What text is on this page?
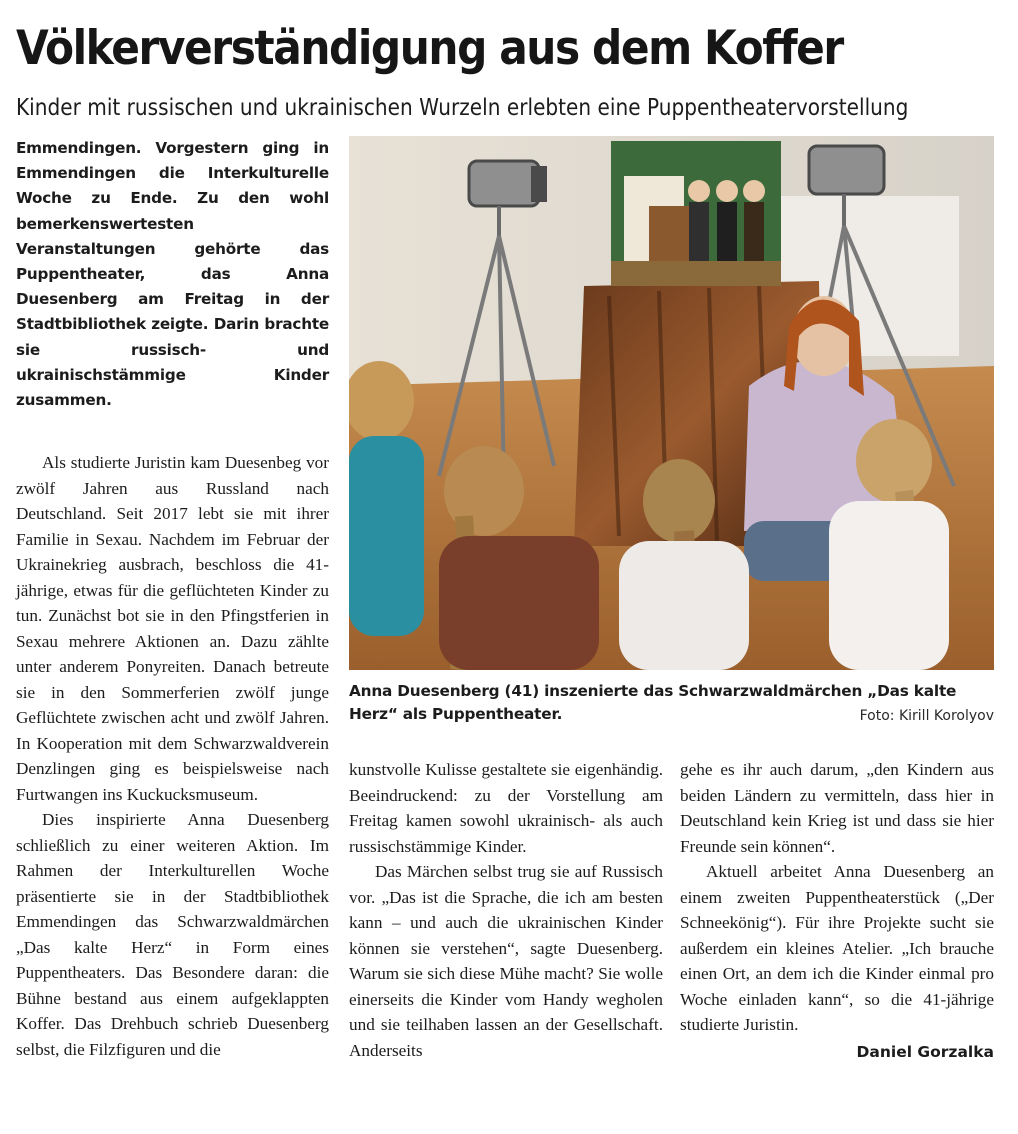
Völkerverständigung aus dem Koffer
Kinder mit russischen und ukrainischen Wurzeln erlebten eine Puppentheatervorstellung

Emmendingen. Vorgestern ging in Emmendingen die Interkulturelle Woche zu Ende. Zu den wohl bemerkenswertesten Veranstaltungen gehörte das Puppentheater, das Anna Duesenberg am Freitag in der Stadtbibliothek zeigte. Darin brachte sie russisch- und ukrainischstämmige Kinder zusammen.

Als studierte Juristin kam Duesenbeg vor zwölf Jahren aus Russland nach Deutschland. Seit 2017 lebt sie mit ihrer Familie in Sexau. Nachdem im Februar der Ukrainekrieg ausbrach, beschloss die 41-jährige, etwas für die geflüchteten Kinder zu tun. Zunächst bot sie in den Pfingstferien in Sexau mehrere Aktionen an. Dazu zählte unter anderem Ponyreiten. Danach betreute sie in den Sommerferien zwölf junge Geflüchtete zwischen acht und zwölf Jahren. In Kooperation mit dem Schwarzwaldverein Denzlingen ging es beispielsweise nach Furtwangen ins Kuckucksmuseum.

Dies inspirierte Anna Duesenberg schließlich zu einer weiteren Aktion. Im Rahmen der Interkulturellen Woche präsentierte sie in der Stadtbibliothek Emmendingen das Schwarzwaldmärchen „Das kalte Herz“ in Form eines Puppentheaters. Das Besondere daran: die Bühne bestand aus einem aufgeklappten Koffer. Das Drehbuch schrieb Duesenberg selbst, die Filzfiguren und die

Anna Duesenberg (41) inszenierte das Schwarzwaldmärchen „Das kalte Herz“ als Puppentheater.	Foto: Kirill Korolyov

kunstvolle Kulisse gestaltete sie eigenhändig. Beeindruckend: zu der Vorstellung am Freitag kamen sowohl ukrainisch- als auch russischstämmige Kinder.

Das Märchen selbst trug sie auf Russisch vor. „Das ist die Sprache, die ich am besten kann – und auch die ukrainischen Kinder können sie verstehen“, sagte Duesenberg. Warum sie sich diese Mühe macht? Sie wolle einerseits die Kinder vom Handy wegholen und sie teilhaben lassen an der Gesellschaft. Anderseits

gehe es ihr auch darum, „den Kindern aus beiden Ländern zu vermitteln, dass hier in Deutschland kein Krieg ist und dass sie hier Freunde sein können“.

Aktuell arbeitet Anna Duesenberg an einem zweiten Puppentheaterstück („Der Schneekönig“). Für ihre Projekte sucht sie außerdem ein kleines Atelier. „Ich brauche einen Ort, an dem ich die Kinder einmal pro Woche einladen kann“, so die 41-jährige studierte Juristin.

Daniel Gorzalka
